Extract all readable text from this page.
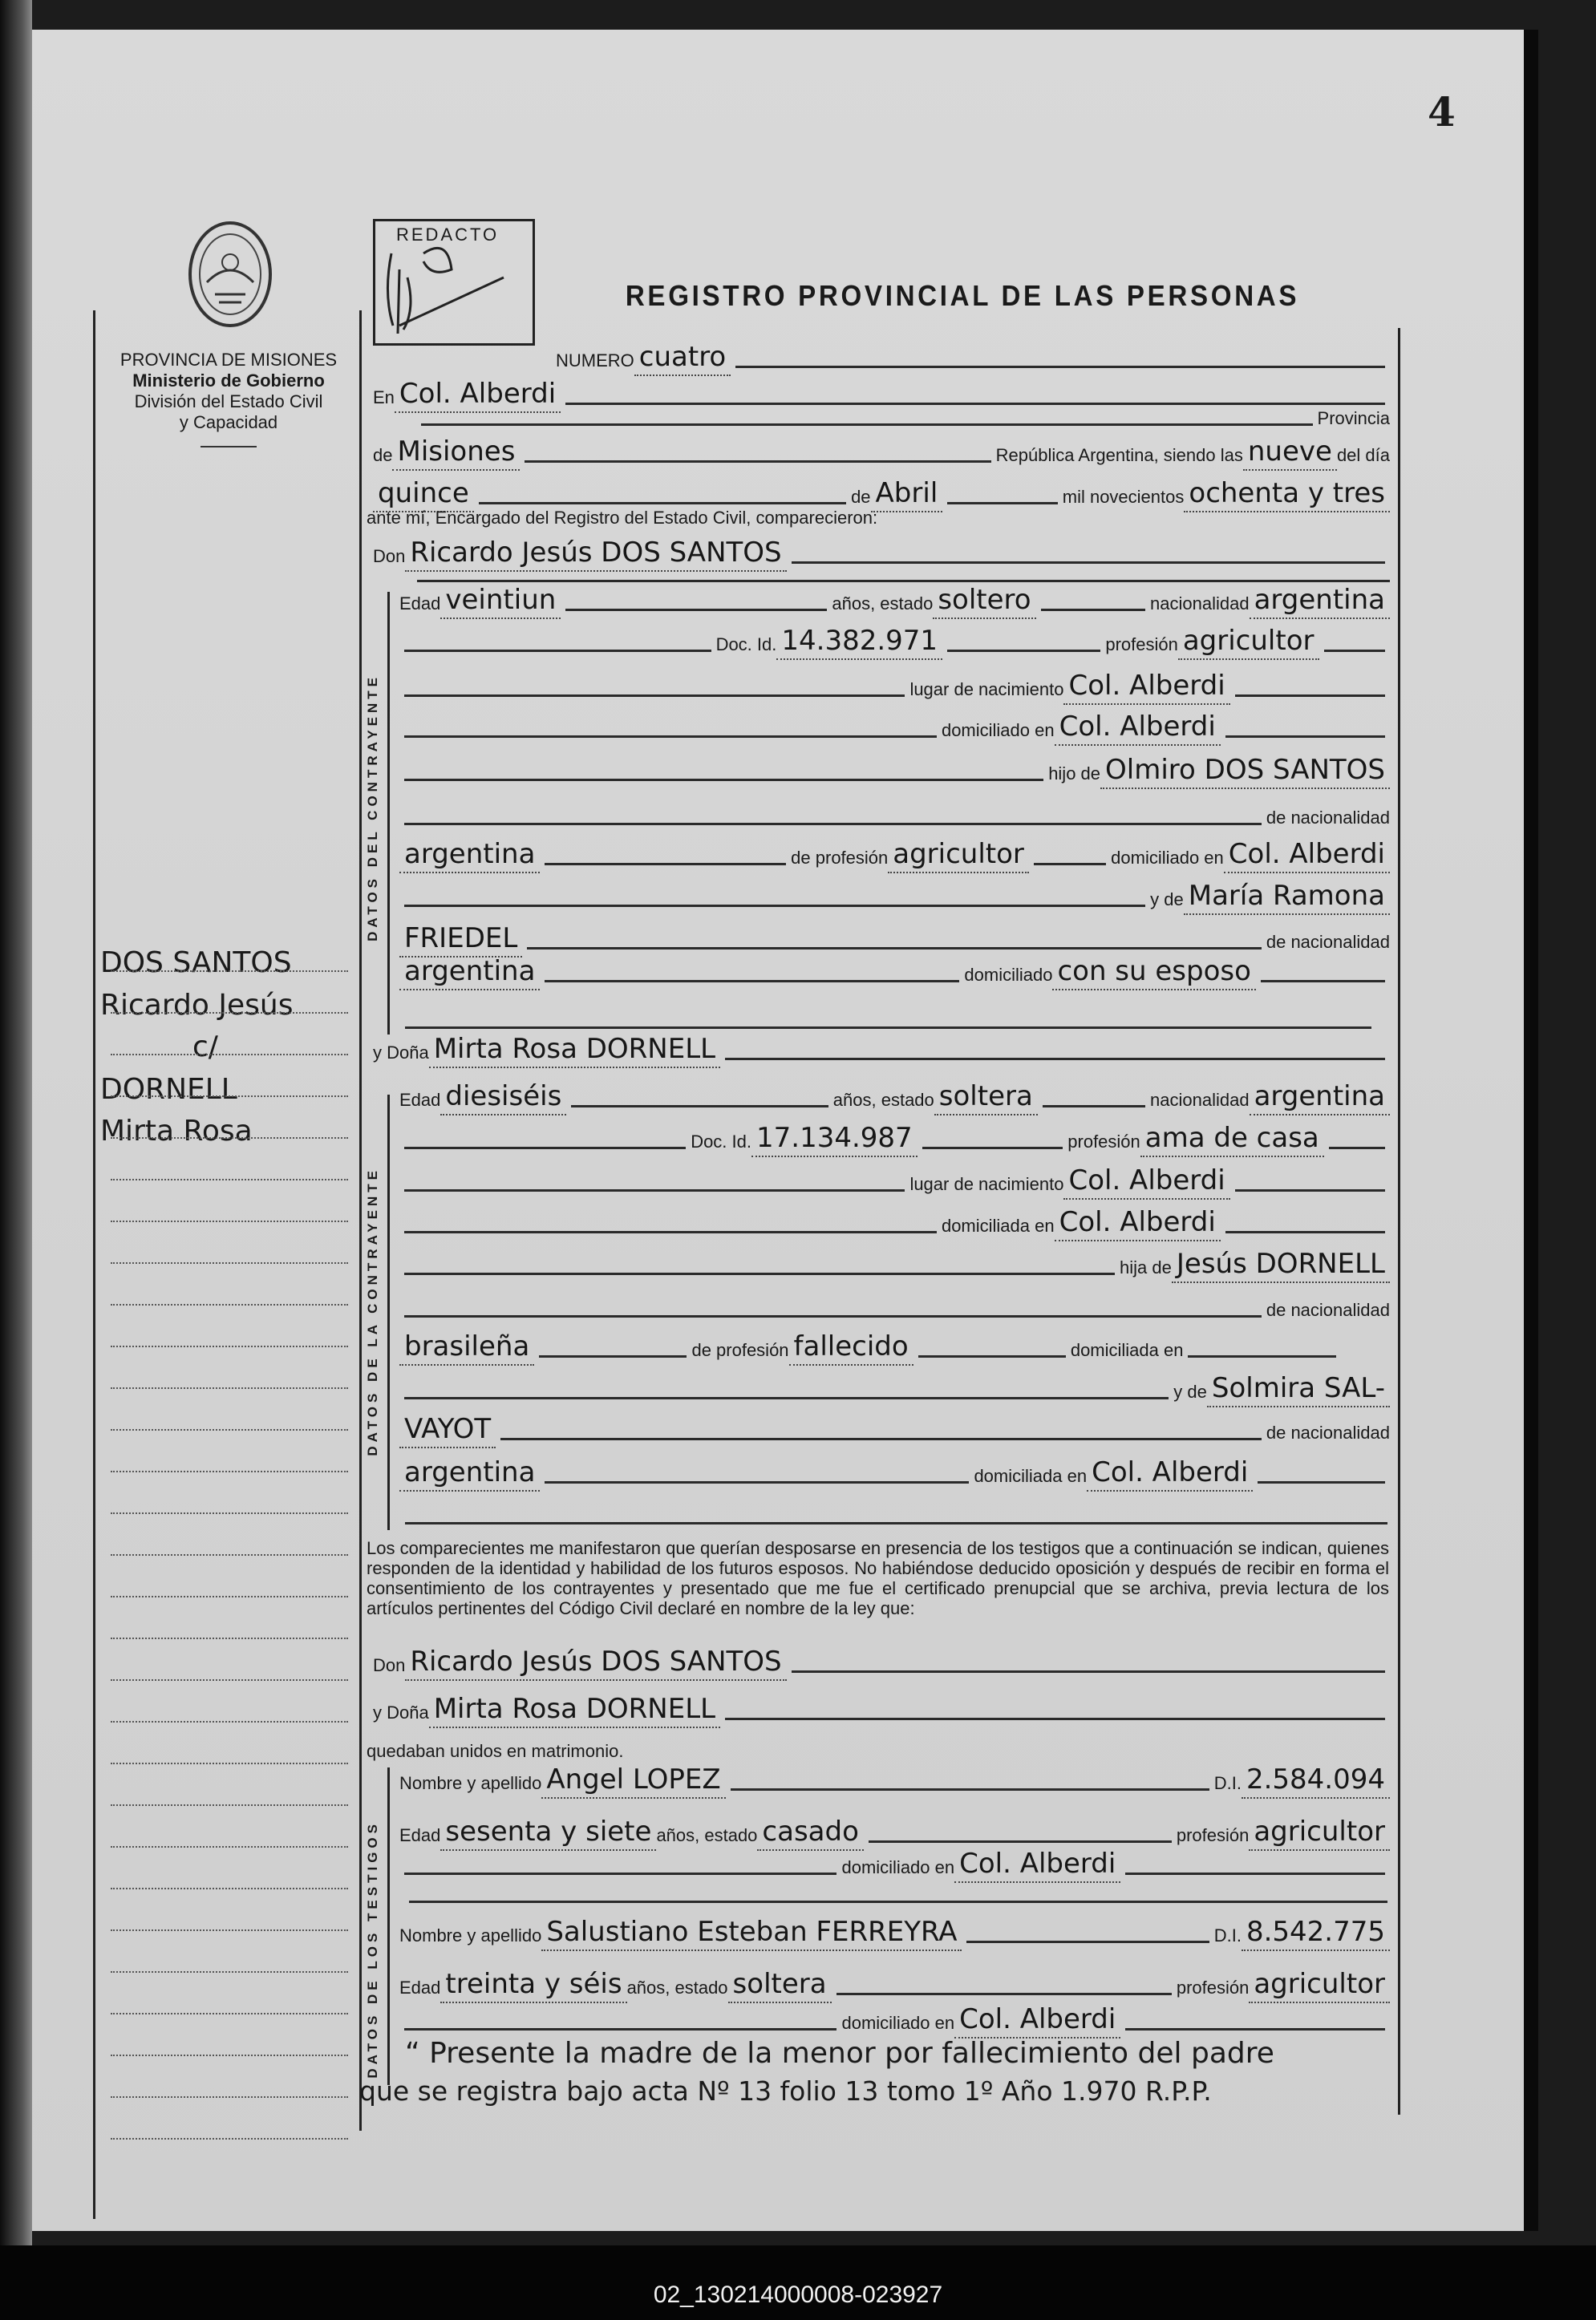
02_130214000008-023927
4
PROVINCIA DE MISIONES
Ministerio de Gobierno
División del Estado Civil
y Capacidad
REDACTO
REGISTRO PROVINCIAL DE LAS PERSONAS
DOS SANTOS
Ricardo Jesús
c/
DORNELL
Mirta Rosa
NUMERO cuatro
En Col. Alberdi
Provincia
de Misiones	República Argentina, siendo las nueve del día
quince	de Abril	mil novecientos ochenta y tres
ante mí, Encargado del Registro del Estado Civil, comparecieron:
Don Ricardo Jesús DOS SANTOS
DATOS DEL CONTRAYENTE
Edad veintiun	años, estado soltero	nacionalidad argentina
Doc. Id. 14.382.971	profesión agricultor
lugar de nacimiento Col. Alberdi
domiciliado en Col. Alberdi
hijo de Olmiro DOS SANTOS
de nacionalidad
argentina	de profesión agricultor	domiciliado en Col. Alberdi
y de María Ramona
FRIEDEL	de nacionalidad
argentina	domiciliado con su esposo
y Doña Mirta Rosa DORNELL
DATOS DE LA CONTRAYENTE
Edad diesiséis	años, estado soltera	nacionalidad argentina
Doc. Id. 17.134.987	profesión ama de casa
lugar de nacimiento Col. Alberdi
domiciliada en Col. Alberdi
hija de Jesús DORNELL
de nacionalidad
brasileña	de profesión fallecido	domiciliada en
y de Solmira SAL-
VAYOT	de nacionalidad
argentina	domiciliada en Col. Alberdi
Los comparecientes me manifestaron que querían desposarse en presencia de los testigos que a continuación se indican, quienes responden de la identidad y habilidad de los futuros esposos. No habiéndose deducido oposición y después de recibir en forma el consentimiento de los contrayentes y presentado que me fue el certificado prenupcial que se archiva, previa lectura de los artículos pertinentes del Código Civil declaré en nombre de la ley que:
Don Ricardo Jesús DOS SANTOS
y Doña Mirta Rosa DORNELL
quedaban unidos en matrimonio.
DATOS DE LOS TESTIGOS
Nombre y apellido Angel LOPEZ	D.I. 2.584.094
Edad sesenta y siete años, estado casado	profesión agricultor
domiciliado en Col. Alberdi
Nombre y apellido Salustiano Esteban FERREYRA	D.I. 8.542.775
Edad treinta y séis años, estado soltera	profesión agricultor
domiciliado en Col. Alberdi
“ Presente la madre de la menor por fallecimiento del padre
que se registra bajo acta Nº 13 folio 13 tomo 1º Año 1.970 R.P.P.
